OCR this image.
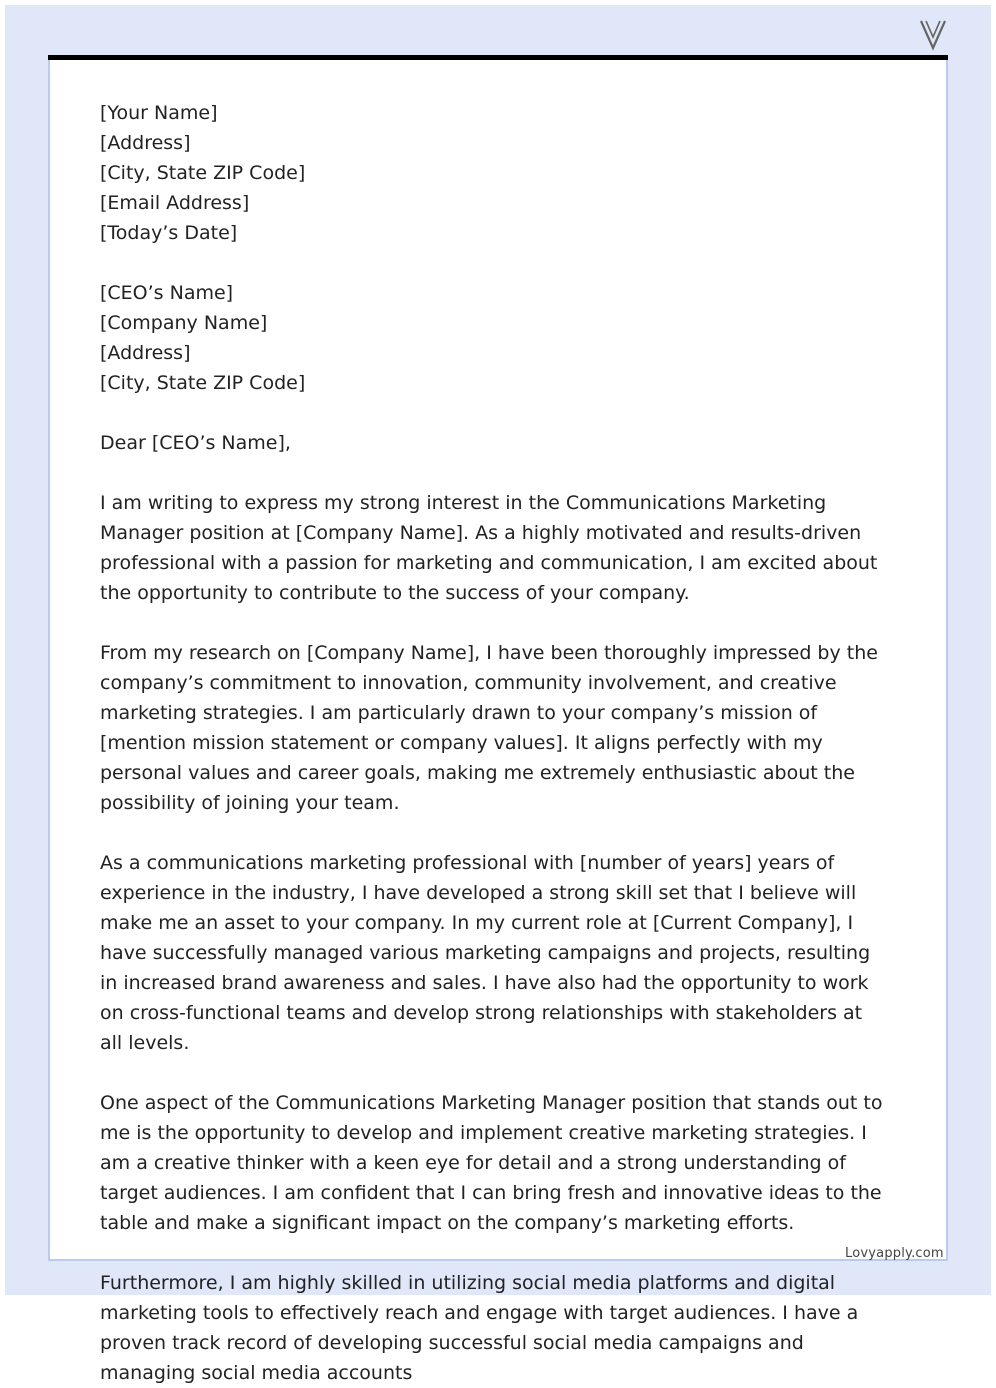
[Your Name]
[Address]
[City, State ZIP Code]
[Email Address]
[Today’s Date]
[CEO’s Name]
[Company Name]
[Address]
[City, State ZIP Code]
Dear [CEO’s Name],

I am writing to express my strong interest in the Communications Marketing Manager position at [Company Name]. As a highly motivated and results-driven professional with a passion for marketing and communication, I am excited about the opportunity to contribute to the success of your company.

From my research on [Company Name], I have been thoroughly impressed by the company’s commitment to innovation, community involvement, and creative marketing strategies. I am particularly drawn to your company’s mission of [mention mission statement or company values]. It aligns perfectly with my personal values and career goals, making me extremely enthusiastic about the possibility of joining your team.

As a communications marketing professional with [number of years] years of experience in the industry, I have developed a strong skill set that I believe will make me an asset to your company. In my current role at [Current Company], I have successfully managed various marketing campaigns and projects, resulting in increased brand awareness and sales. I have also had the opportunity to work on cross-functional teams and develop strong relationships with stakeholders at all levels.

One aspect of the Communications Marketing Manager position that stands out to me is the opportunity to develop and implement creative marketing strategies. I am a creative thinker with a keen eye for detail and a strong understanding of target audiences. I am confident that I can bring fresh and innovative ideas to the table and make a significant impact on the company’s marketing efforts.

Furthermore, I am highly skilled in utilizing social media platforms and digital marketing tools to effectively reach and engage with target audiences. I have a proven track record of developing successful social media campaigns and managing social media accounts

Lovyapply.com
